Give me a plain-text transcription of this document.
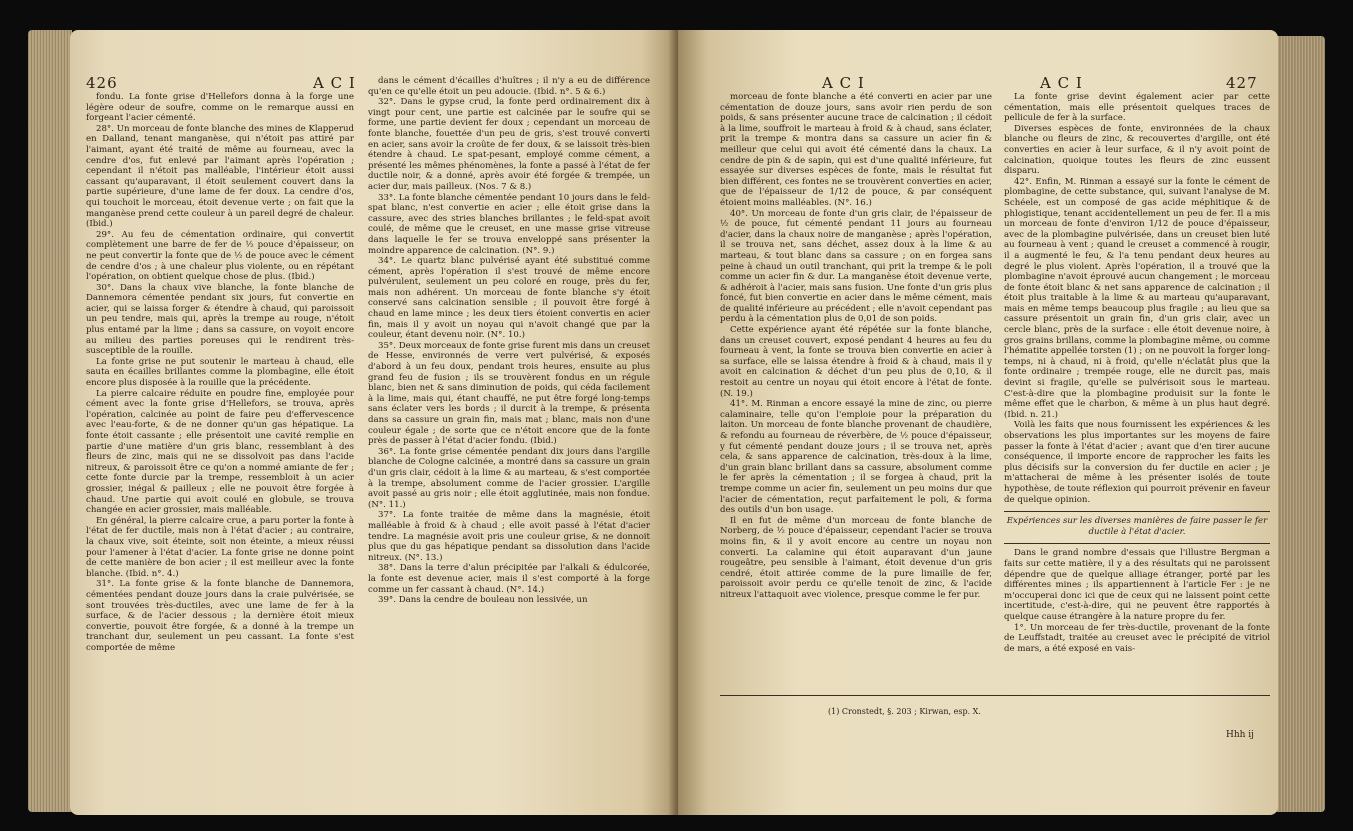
426	A C I

fondu. La fonte grise d'Hellefors donna à la forge une légère odeur de soufre, comme on le remarque aussi en forgeant l'acier cémenté.

28°. Un morceau de fonte blanche des mines de Klapperud en Dalland, tenant manganèse, qui n'étoit pas attiré par l'aimant, ayant été traité de même au fourneau, avec la cendre d'os, fut enlevé par l'aimant après l'opération ; cependant il n'étoit pas malléable, l'intérieur étoit aussi cassant qu'auparavant, il étoit seulement couvert dans la partie supérieure, d'une lame de fer doux. La cendre d'os, qui touchoit le morceau, étoit devenue verte ; on fait que la manganèse prend cette couleur à un pareil degré de chaleur. (Ibid.)

29°. Au feu de cémentation ordinaire, qui convertit complètement une barre de fer de ½ pouce d'épaisseur, on ne peut convertir la fonte que de ½ de pouce avec le cément de cendre d'os ; à une chaleur plus violente, ou en répétant l'opération, on obtient quelque chose de plus. (Ibid.)

30°. Dans la chaux vive blanche, la fonte blanche de Dannemora cémentée pendant six jours, fut convertie en acier, qui se laissa forger & étendre à chaud, qui paroissoit un peu tendre, mais qui, après la trempe au rouge, n'étoit plus entamé par la lime ; dans sa cassure, on voyoit encore au milieu des parties poreuses qui le rendirent très-susceptible de la rouille.

La fonte grise ne put soutenir le marteau à chaud, elle sauta en écailles brillantes comme la plombagine, elle étoit encore plus disposée à la rouille que la précédente.

La pierre calcaire réduite en poudre fine, employée pour cément avec la fonte grise d'Hellefors, se trouva, après l'opération, calcinée au point de faire peu d'effervescence avec l'eau-forte, & de ne donner qu'un gas hépatique. La fonte étoit cassante ; elle présentoit une cavité remplie en partie d'une matière d'un gris blanc, ressemblant à des fleurs de zinc, mais qui ne se dissolvoit pas dans l'acide nitreux, & paroissoit être ce qu'on a nommé amiante de fer ; cette fonte durcie par la trempe, ressembloit à un acier grossier, inégal & pailleux ; elle ne pouvoit être forgée à chaud. Une partie qui avoit coulé en globule, se trouva changée en acier grossier, mais malléable.

En général, la pierre calcaire crue, a paru porter la fonte à l'état de fer ductile, mais non à l'état d'acier ; au contraire, la chaux vive, soit éteinte, soit non éteinte, a mieux réussi pour l'amener à l'état d'acier. La fonte grise ne donne point de cette manière de bon acier ; il est meilleur avec la fonte blanche. (Ibid. n°. 4.)

31°. La fonte grise & la fonte blanche de Dannemora, cémentées pendant douze jours dans la craie pulvérisée, se sont trouvées très-ductiles, avec une lame de fer à la surface, & de l'acier dessous ; la dernière étoit mieux convertie, pouvoit être forgée, & a donné à la trempe un tranchant dur, seulement un peu cassant. La fonte s'est comportée de même

dans le cément d'écailles d'huîtres ; il n'y a eu de différence qu'en ce qu'elle étoit un peu adoucie. (Ibid. n°. 5 & 6.)

32°. Dans le gypse crud, la fonte perd ordinairement dix à vingt pour cent, une partie est calcinée par le soufre qui se forme, une partie devient fer doux ; cependant un morceau de fonte blanche, fouettée d'un peu de gris, s'est trouvé converti en acier, sans avoir la croûte de fer doux, & se laissoit très-bien étendre à chaud. Le spat-pesant, employé comme cément, a présenté les mêmes phénomènes, la fonte a passé à l'état de fer ductile noir, & a donné, après avoir été forgée & trempée, un acier dur, mais pailleux. (Nos. 7 & 8.)

33°. La fonte blanche cémentée pendant 10 jours dans le feld-spat blanc, n'est convertie en acier ; elle étoit grise dans la cassure, avec des stries blanches brillantes ; le feld-spat avoit coulé, de même que le creuset, en une masse grise vitreuse dans laquelle le fer se trouva enveloppé sans présenter la moindre apparence de calcination. (N°. 9.)

34°. Le quartz blanc pulvérisé ayant été substitué comme cément, après l'opération il s'est trouvé de même encore pulvérulent, seulement un peu coloré en rouge, près du fer, mais non adhérent. Un morceau de fonte blanche s'y étoit conservé sans calcination sensible ; il pouvoit être forgé à chaud en lame mince ; les deux tiers étoient convertis en acier fin, mais il y avoit un noyau qui n'avoit changé que par la couleur, étant devenu noir. (N°. 10.)

35°. Deux morceaux de fonte grise furent mis dans un creuset de Hesse, environnés de verre vert pulvérisé, & exposés d'abord à un feu doux, pendant trois heures, ensuite au plus grand feu de fusion ; ils se trouvèrent fondus en un régule blanc, bien net & sans diminution de poids, qui céda facilement à la lime, mais qui, étant chauffé, ne put être forgé long-temps sans éclater vers les bords ; il durcit à la trempe, & présenta dans sa cassure un grain fin, mais mat ; blanc, mais non d'une couleur égale ; de sorte que ce n'étoit encore que de la fonte près de passer à l'état d'acier fondu. (Ibid.)

36°. La fonte grise cémentée pendant dix jours dans l'argille blanche de Cologne calcinée, a montré dans sa cassure un grain d'un gris clair, cédoit à la lime & au marteau, & s'est comportée à la trempe, absolument comme de l'acier grossier. L'argille avoit passé au gris noir ; elle étoit agglutinée, mais non fondue. (N°. 11.)

37°. La fonte traitée de même dans la magnésie, étoit malléable à froid & à chaud ; elle avoit passé à l'état d'acier tendre. La magnésie avoit pris une couleur grise, & ne donnoit plus que du gas hépatique pendant sa dissolution dans l'acide nitreux. (N°. 13.)

38°. Dans la terre d'alun précipitée par l'alkali & édulcorée, la fonte est devenue acier, mais il s'est comporté à la forge comme un fer cassant à chaud. (N°. 14.)

39°. Dans la cendre de bouleau non lessivée, un

A C I	A C I	427

morceau de fonte blanche a été converti en acier par une cémentation de douze jours, sans avoir rien perdu de son poids, & sans présenter aucune trace de calcination ; il cédoit à la lime, souffroit le marteau à froid & à chaud, sans éclater, prit la trempe & montra dans sa cassure un acier fin & meilleur que celui qui avoit été cémenté dans la chaux. La cendre de pin & de sapin, qui est d'une qualité inférieure, fut essayée sur diverses espèces de fonte, mais le résultat fut bien différent, ces fontes ne se trouvèrent converties en acier, que de l'épaisseur de 1/12 de pouce, & par conséquent étoient moins malléables. (N°. 16.)

40°. Un morceau de fonte d'un gris clair, de l'épaisseur de ½ de pouce, fut cémenté pendant 11 jours au fourneau d'acier, dans la chaux noire de manganèse ; après l'opération, il se trouva net, sans déchet, assez doux à la lime & au marteau, & tout blanc dans sa cassure ; on en forgea sans peine à chaud un outil tranchant, qui prit la trempe & le poli comme un acier fin & dur. La manganèse étoit devenue verte, & adhéroit à l'acier, mais sans fusion. Une fonte d'un gris plus foncé, fut bien convertie en acier dans le même cément, mais de qualité inférieure au précédent ; elle n'avoit cependant pas perdu à la cémentation plus de 0,01 de son poids.

Cette expérience ayant été répétée sur la fonte blanche, dans un creuset couvert, exposé pendant 4 heures au feu du fourneau à vent, la fonte se trouva bien convertie en acier à sa surface, elle se laissa étendre à froid & à chaud, mais il y avoit en calcination & déchet d'un peu plus de 0,10, & il restoit au centre un noyau qui étoit encore à l'état de fonte. (N. 19.)

41°. M. Rinman a encore essayé la mine de zinc, ou pierre calaminaire, telle qu'on l'emploie pour la préparation du laiton. Un morceau de fonte blanche provenant de chaudière, & refondu au fourneau de réverbère, de ½ pouce d'épaisseur, y fut cémenté pendant douze jours ; il se trouva net, après cela, & sans apparence de calcination, très-doux à la lime, d'un grain blanc brillant dans sa cassure, absolument comme le fer après la cémentation ; il se forgea à chaud, prit la trempe comme un acier fin, seulement un peu moins dur que l'acier de cémentation, reçut parfaitement le poli, & forma des outils d'un bon usage.

Il en fut de même d'un morceau de fonte blanche de Norberg, de ½ pouce d'épaisseur, cependant l'acier se trouva moins fin, & il y avoit encore au centre un noyau non converti. La calamine qui étoit auparavant d'un jaune rougeâtre, peu sensible à l'aimant, étoit devenue d'un gris cendré, étoit attirée comme de la pure limaille de fer, paroissoit avoir perdu ce qu'elle tenoit de zinc, & l'acide nitreux l'attaquoit avec violence, presque comme le fer pur.

La fonte grise devint également acier par cette cémentation, mais elle présentoit quelques traces de pellicule de fer à la surface.

Diverses espèces de fonte, environnées de la chaux blanche ou fleurs de zinc, & recouvertes d'argille, ont été converties en acier à leur surface, & il n'y avoit point de calcination, quoique toutes les fleurs de zinc eussent disparu.

42°. Enfin, M. Rinman a essayé sur la fonte le cément de plombagine, de cette substance, qui, suivant l'analyse de M. Schéele, est un composé de gas acide méphitique & de phlogistique, tenant accidentellement un peu de fer. Il a mis un morceau de fonte d'environ 1/12 de pouce d'épaisseur, avec de la plombagine pulvérisée, dans un creuset bien luté au fourneau à vent ; quand le creuset a commencé à rougir, il a augmenté le feu, & l'a tenu pendant deux heures au degré le plus violent. Après l'opération, il a trouvé que la plombagine n'avoit éprouvé aucun changement ; le morceau de fonte étoit blanc & net sans apparence de calcination ; il étoit plus traitable à la lime & au marteau qu'auparavant, mais en même temps beaucoup plus fragile ; au lieu que sa cassure présentoit un grain fin, d'un gris clair, avec un cercle blanc, près de la surface : elle étoit devenue noire, à gros grains brillans, comme la plombagine même, ou comme l'hématite appellée torsten (1) ; on ne pouvoit la forger long-temps, ni à chaud, ni à froid, qu'elle n'éclatât plus que la fonte ordinaire ; trempée rouge, elle ne durcit pas, mais devint si fragile, qu'elle se pulvérisoit sous le marteau. C'est-à-dire que la plombagine produisit sur la fonte le même effet que le charbon, & même à un plus haut degré. (Ibid. n. 21.)

Voilà les faits que nous fournissent les expériences & les observations les plus importantes sur les moyens de faire passer la fonte à l'état d'acier ; avant que d'en tirer aucune conséquence, il importe encore de rapprocher les faits les plus décisifs sur la conversion du fer ductile en acier ; je m'attacherai de même à les présenter isolés de toute hypothèse, de toute réflexion qui pourroit prévenir en faveur de quelque opinion.

Expériences sur les diverses manières de faire passer le fer ductile à l'état d'acier.

Dans le grand nombre d'essais que l'illustre Bergman a faits sur cette matière, il y a des résultats qui ne paroissent dépendre que de quelque alliage étranger, porté par les différentes mines ; ils appartiennent à l'article Fer : je ne m'occuperai donc ici que de ceux qui ne laissent point cette incertitude, c'est-à-dire, qui ne peuvent être rapportés à quelque cause étrangère à la nature propre du fer.

1°. Un morceau de fer très-ductile, provenant de la fonte de Leuffstadt, traitée au creuset avec le précipité de vitriol de mars, a été exposé en vais-

(1) Cronstedt, §. 203 ; Kirwan, esp. X.
Hhh ij
